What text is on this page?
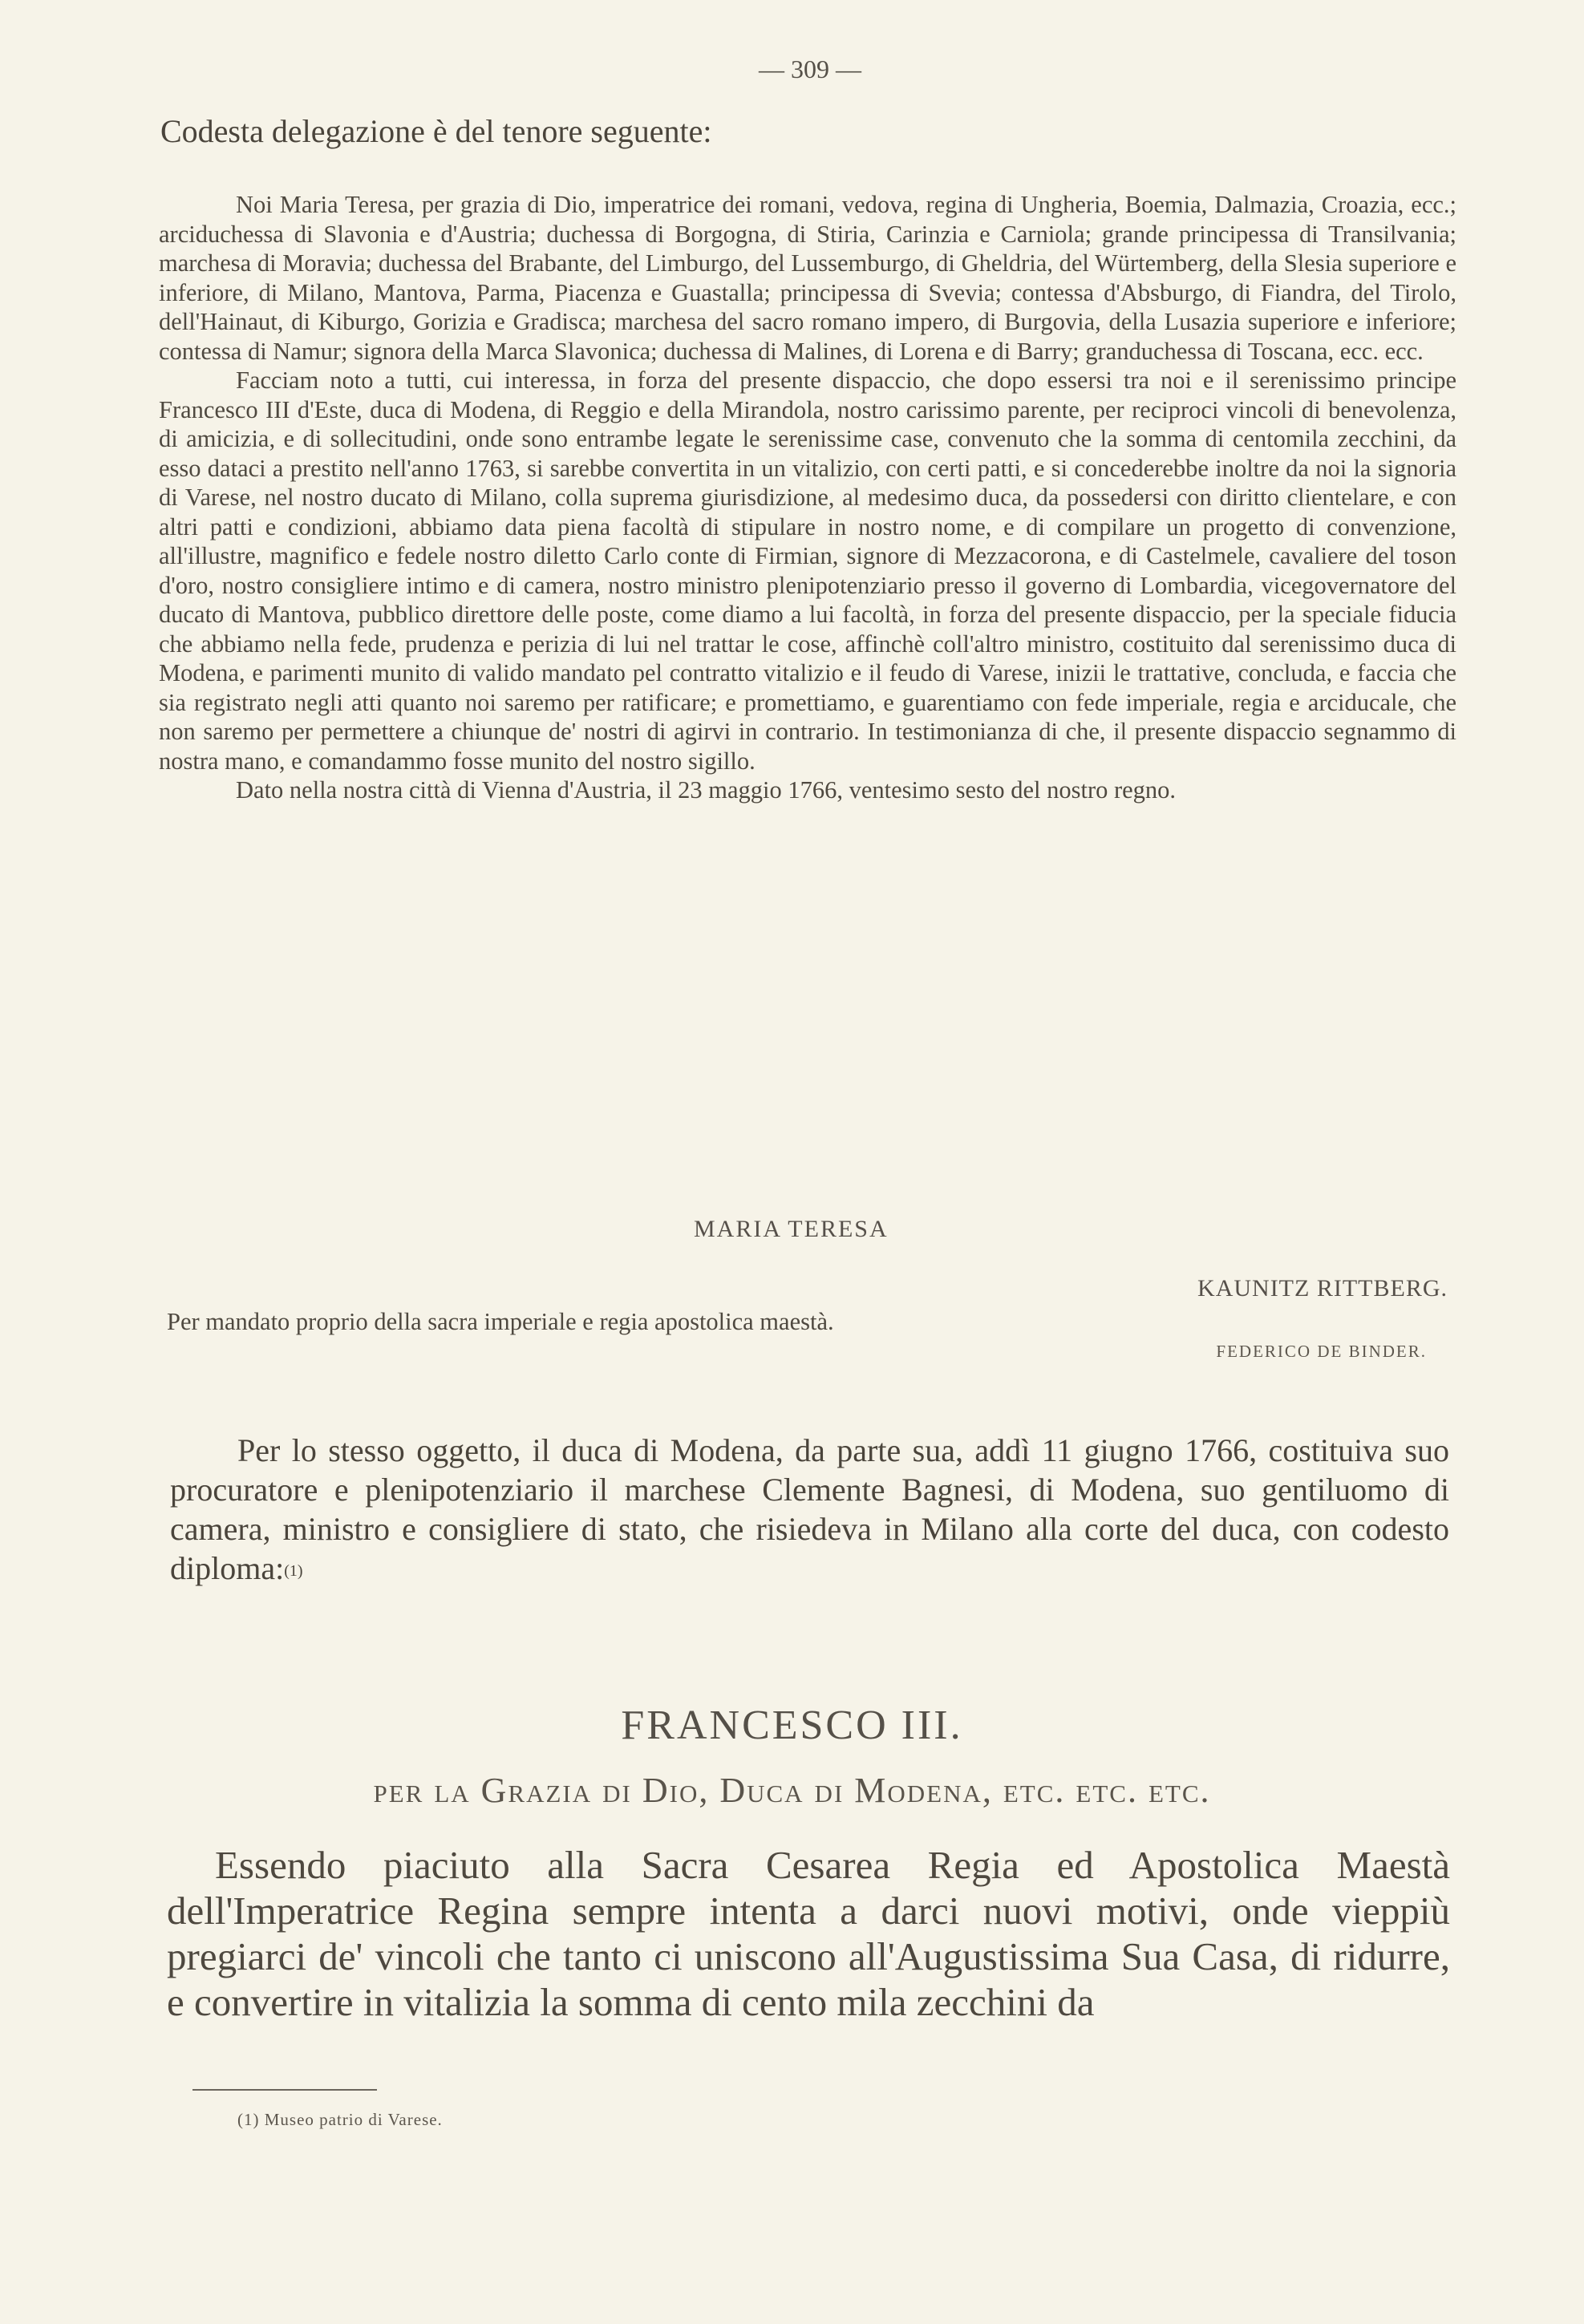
— 309 —
Codesta delegazione è del tenore seguente:

Noi Maria Teresa, per grazia di Dio, imperatrice dei romani, vedova, regina di Ungheria, Boemia, Dalmazia, Croazia, ecc.; arciduchessa di Slavonia e d'Austria; duchessa di Borgogna, di Stiria, Carinzia e Carniola; grande principessa di Transilvania; marchesa di Moravia; duchessa del Brabante, del Limburgo, del Lussemburgo, di Gheldria, del Würtemberg, della Slesia superiore e inferiore, di Milano, Mantova, Parma, Piacenza e Guastalla; principessa di Svevia; contessa d'Absburgo, di Fiandra, del Tirolo, dell'Hainaut, di Kiburgo, Gorizia e Gradisca; marchesa del sacro romano impero, di Burgovia, della Lusazia superiore e inferiore; contessa di Namur; signora della Marca Slavonica; duchessa di Malines, di Lorena e di Barry; granduchessa di Toscana, ecc. ecc.

Facciam noto a tutti, cui interessa, in forza del presente dispaccio, che dopo essersi tra noi e il serenissimo principe Francesco III d'Este, duca di Modena, di Reggio e della Mirandola, nostro carissimo parente, per reciproci vincoli di benevolenza, di amicizia, e di sollecitudini, onde sono entrambe legate le serenissime case, convenuto che la somma di centomila zecchini, da esso dataci a prestito nell'anno 1763, si sarebbe convertita in un vitalizio, con certi patti, e si concederebbe inoltre da noi la signoria di Varese, nel nostro ducato di Milano, colla suprema giurisdizione, al medesimo duca, da possedersi con diritto clientelare, e con altri patti e condizioni, abbiamo data piena facoltà di stipulare in nostro nome, e di compilare un progetto di convenzione, all'illustre, magnifico e fedele nostro diletto Carlo conte di Firmian, signore di Mezzacorona, e di Castelmele, cavaliere del toson d'oro, nostro consigliere intimo e di camera, nostro ministro plenipotenziario presso il governo di Lombardia, vicegovernatore del ducato di Mantova, pubblico direttore delle poste, come diamo a lui facoltà, in forza del presente dispaccio, per la speciale fiducia che abbiamo nella fede, prudenza e perizia di lui nel trattar le cose, affinchè coll'altro ministro, costituito dal serenissimo duca di Modena, e parimenti munito di valido mandato pel contratto vitalizio e il feudo di Varese, inizii le trattative, concluda, e faccia che sia registrato negli atti quanto noi saremo per ratificare; e promettiamo, e guarentiamo con fede imperiale, regia e arciducale, che non saremo per permettere a chiunque de' nostri di agirvi in contrario. In testimonianza di che, il presente dispaccio segnammo di nostra mano, e comandammo fosse munito del nostro sigillo.

Dato nella nostra città di Vienna d'Austria, il 23 maggio 1766, ventesimo sesto del nostro regno.

MARIA TERESA
KAUNITZ RITTBERG.
Per mandato proprio della sacra imperiale e regia apostolica maestà.
FEDERICO DE BINDER.

Per lo stesso oggetto, il duca di Modena, da parte sua, addì 11 giugno 1766, costituiva suo procuratore e plenipotenziario il marchese Clemente Bagnesi, di Modena, suo gentiluomo di camera, ministro e consigliere di stato, che risiedeva in Milano alla corte del duca, con codesto diploma:$^{(1)}$

FRANCESCO III.
per la Grazia di Dio, Duca di Modena, etc. etc. etc.

Essendo piaciuto alla Sacra Cesarea Regia ed Apostolica Maestà dell'Imperatrice Regina sempre intenta a darci nuovi motivi, onde vieppiù pregiarci de' vincoli che tanto ci uniscono all'Augustissima Sua Casa, di ridurre, e convertire in vitalizia la somma di cento mila zecchini da

(1) Museo patrio di Varese.
